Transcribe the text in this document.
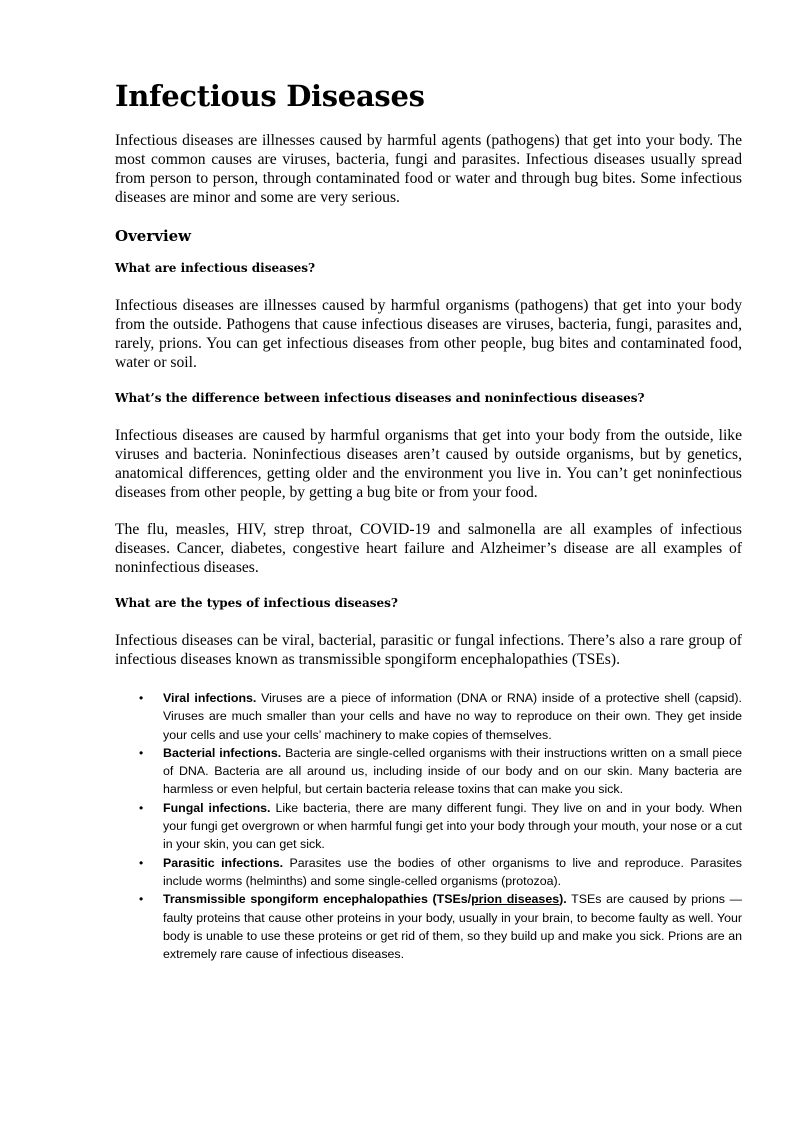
Infectious Diseases

Infectious diseases are illnesses caused by harmful agents (pathogens) that get into your body. The most common causes are viruses, bacteria, fungi and parasites. Infectious diseases usually spread from person to person, through contaminated food or water and through bug bites. Some infectious diseases are minor and some are very serious.

Overview
What are infectious diseases?

Infectious diseases are illnesses caused by harmful organisms (pathogens) that get into your body from the outside. Pathogens that cause infectious diseases are viruses, bacteria, fungi, parasites and, rarely, prions. You can get infectious diseases from other people, bug bites and contaminated food, water or soil.

What’s the difference between infectious diseases and noninfectious diseases?

Infectious diseases are caused by harmful organisms that get into your body from the outside, like viruses and bacteria. Noninfectious diseases aren’t caused by outside organisms, but by genetics, anatomical differences, getting older and the environment you live in. You can’t get noninfectious diseases from other people, by getting a bug bite or from your food.

The flu, measles, HIV, strep throat, COVID-19 and salmonella are all examples of infectious diseases. Cancer, diabetes, congestive heart failure and Alzheimer’s disease are all examples of noninfectious diseases.

What are the types of infectious diseases?

Infectious diseases can be viral, bacterial, parasitic or fungal infections. There’s also a rare group of infectious diseases known as transmissible spongiform encephalopathies (TSEs).

• Viral infections. Viruses are a piece of information (DNA or RNA) inside of a protective shell (capsid). Viruses are much smaller than your cells and have no way to reproduce on their own. They get inside your cells and use your cells’ machinery to make copies of themselves.
• Bacterial infections. Bacteria are single-celled organisms with their instructions written on a small piece of DNA. Bacteria are all around us, including inside of our body and on our skin. Many bacteria are harmless or even helpful, but certain bacteria release toxins that can make you sick.
• Fungal infections. Like bacteria, there are many different fungi. They live on and in your body. When your fungi get overgrown or when harmful fungi get into your body through your mouth, your nose or a cut in your skin, you can get sick.
• Parasitic infections. Parasites use the bodies of other organisms to live and reproduce. Parasites include worms (helminths) and some single-celled organisms (protozoa).
• Transmissible spongiform encephalopathies (TSEs/prion diseases). TSEs are caused by prions — faulty proteins that cause other proteins in your body, usually in your brain, to become faulty as well. Your body is unable to use these proteins or get rid of them, so they build up and make you sick. Prions are an extremely rare cause of infectious diseases.
